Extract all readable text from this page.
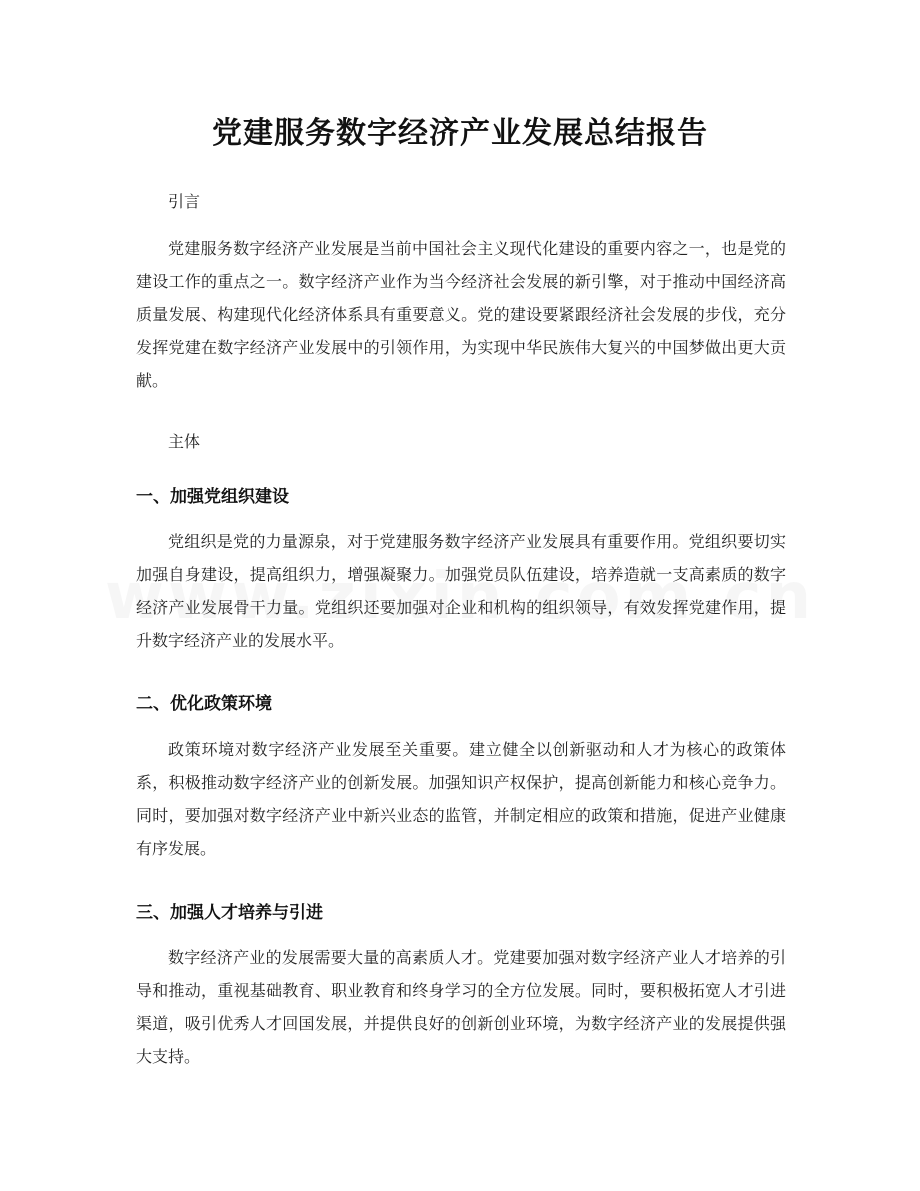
党建服务数字经济产业发展总结报告

引言

党建服务数字经济产业发展是当前中国社会主义现代化建设的重要内容之一，也是党的建设工作的重点之一。数字经济产业作为当今经济社会发展的新引擎，对于推动中国经济高质量发展、构建现代化经济体系具有重要意义。党的建设要紧跟经济社会发展的步伐，充分发挥党建在数字经济产业发展中的引领作用，为实现中华民族伟大复兴的中国梦做出更大贡献。

主体

一、加强党组织建设

党组织是党的力量源泉，对于党建服务数字经济产业发展具有重要作用。党组织要切实加强自身建设，提高组织力，增强凝聚力。加强党员队伍建设，培养造就一支高素质的数字经济产业发展骨干力量。党组织还要加强对企业和机构的组织领导，有效发挥党建作用，提升数字经济产业的发展水平。

二、优化政策环境

政策环境对数字经济产业发展至关重要。建立健全以创新驱动和人才为核心的政策体系，积极推动数字经济产业的创新发展。加强知识产权保护，提高创新能力和核心竞争力。同时，要加强对数字经济产业中新兴业态的监管，并制定相应的政策和措施，促进产业健康有序发展。

三、加强人才培养与引进

数字经济产业的发展需要大量的高素质人才。党建要加强对数字经济产业人才培养的引导和推动，重视基础教育、职业教育和终身学习的全方位发展。同时，要积极拓宽人才引进渠道，吸引优秀人才回国发展，并提供良好的创新创业环境，为数字经济产业的发展提供强大支持。
